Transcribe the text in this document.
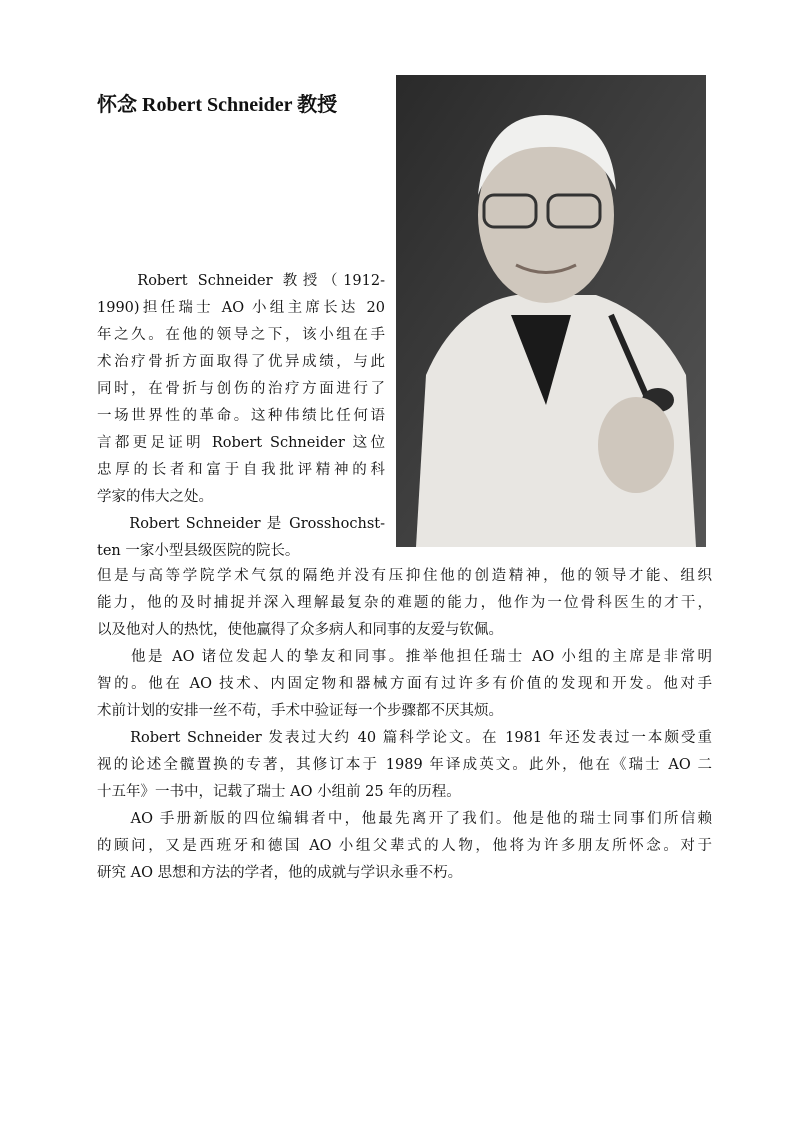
怀念 Robert Schneider 教授
　　Robert Schneider 教授（1912-
1990)担任瑞士 AO 小组主席长达 20
年之久。在他的领导之下，该小组在手
术治疗骨折方面取得了优异成绩，与此
同时，在骨折与创伤的治疗方面进行了
一场世界性的革命。这种伟绩比任何语
言都更足证明 Robert Schneider 这位
忠厚的长者和富于自我批评精神的科
学家的伟大之处。
　　Robert Schneider 是 Grosshochst-
ten 一家小型县级医院的院长。
但是与高等学院学术气氛的隔绝并没有压抑住他的创造精神，他的领导才能、组织
能力，他的及时捕捉并深入理解最复杂的难题的能力，他作为一位骨科医生的才干，
以及他对人的热忱，使他赢得了众多病人和同事的友爱与钦佩。
　　他是 AO 诸位发起人的挚友和同事。推举他担任瑞士 AO 小组的主席是非常明
智的。他在 AO 技术、内固定物和器械方面有过许多有价值的发现和开发。他对手
术前计划的安排一丝不苟，手术中验证每一个步骤都不厌其烦。
　　Robert Schneider 发表过大约 40 篇科学论文。在 1981 年还发表过一本颇受重
视的论述全髋置换的专著，其修订本于 1989 年译成英文。此外，他在《瑞士 AO 二
十五年》一书中，记载了瑞士 AO 小组前 25 年的历程。
　　AO 手册新版的四位编辑者中，他最先离开了我们。他是他的瑞士同事们所信赖
的顾问，又是西班牙和德国 AO 小组父辈式的人物，他将为许多朋友所怀念。对于
研究 AO 思想和方法的学者，他的成就与学识永垂不朽。
